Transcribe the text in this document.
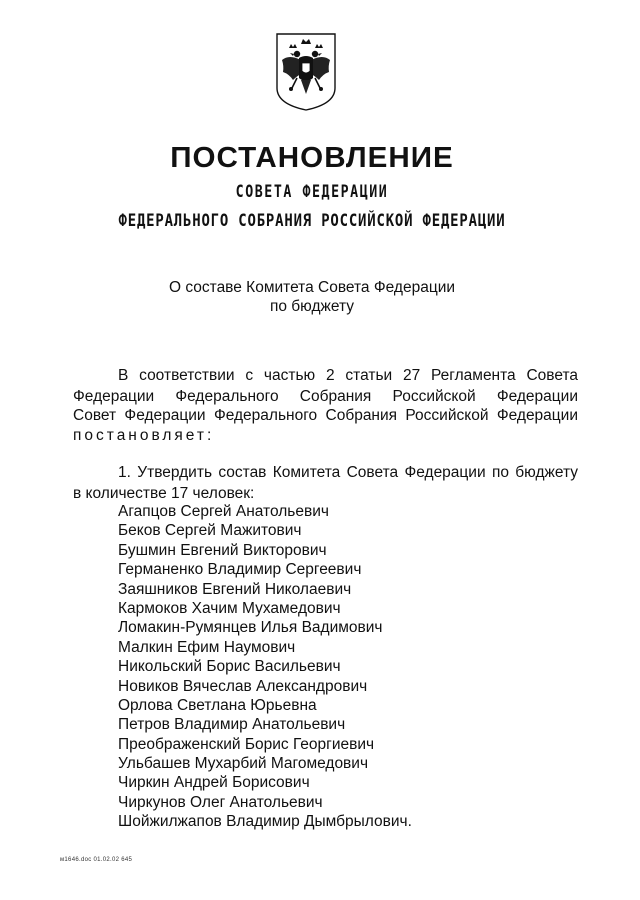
ПОСТАНОВЛЕНИЕ
СОВЕТА ФЕДЕРАЦИИ
ФЕДЕРАЛЬНОГО СОБРАНИЯ РОССИЙСКОЙ ФЕДЕРАЦИИ
О составе Комитета Совета Федерации
по бюджету
В соответствии с частью 2 статьи 27 Регламента Совета
Федерации Федерального Собрания Российской Федерации
Совет Федерации Федерального Собрания Российской Федерации
постановляет:
1. Утвердить состав Комитета Совета Федерации по бюджету
в количестве 17 человек:
Агапцов Сергей Анатольевич
Беков Сергей Мажитович
Бушмин Евгений Викторович
Германенко Владимир Сергеевич
Заяшников Евгений Николаевич
Кармоков Хачим Мухамедович
Ломакин-Румянцев Илья Вадимович
Малкин Ефим Наумович
Никольский Борис Васильевич
Новиков Вячеслав Александрович
Орлова Светлана Юрьевна
Петров Владимир Анатольевич
Преображенский Борис Георгиевич
Ульбашев Мухарбий Магомедович
Чиркин Андрей Борисович
Чиркунов Олег Анатольевич
Шойжилжапов Владимир Дымбрылович.
м1646.doc 01.02.02 645
